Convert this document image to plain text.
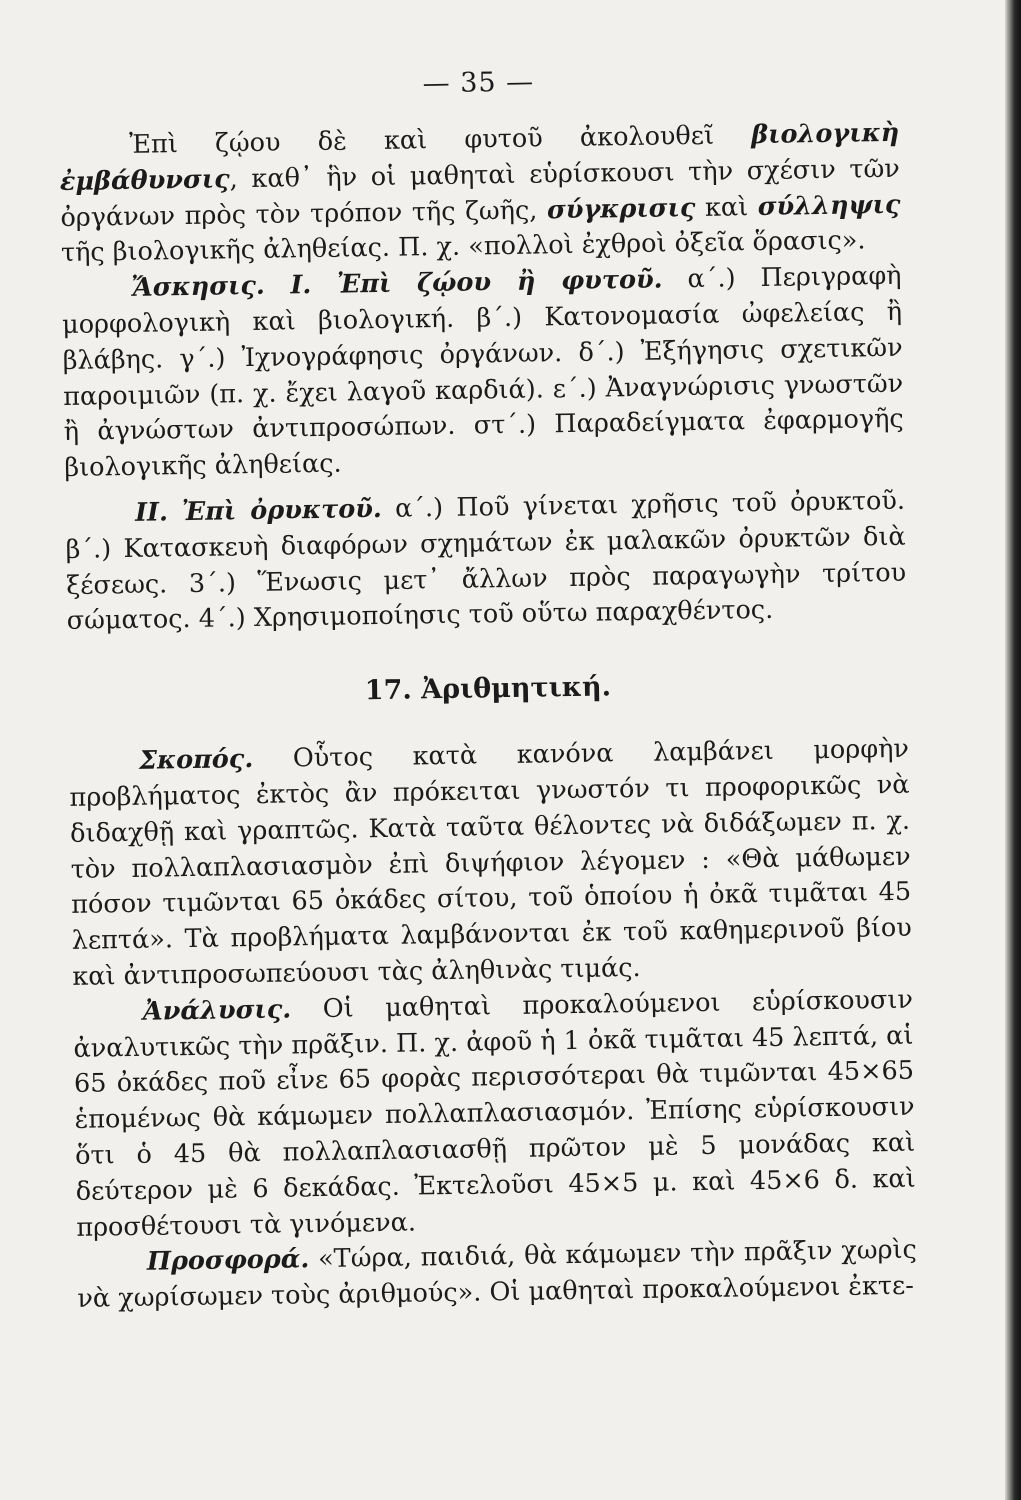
— 35 —

Ἐπὶ ζῴου δὲ καὶ φυτοῦ ἀκολουθεῖ βιολογικὴ ἐμβάθυνσις, καθ᾽ ἣν οἱ μαθηταὶ εὑρίσκουσι τὴν σχέσιν τῶν ὀργάνων πρὸς τὸν τρόπον τῆς ζωῆς, σύγκρισις καὶ σύλληψις τῆς βιολογικῆς ἀληθείας. Π. χ. «πολλοὶ ἐχθροὶ ὀξεῖα ὅρασις».

Ἄσκησις. I. Ἐπὶ ζῴου ἢ φυτοῦ. α΄.) Περιγραφὴ μορφολογικὴ καὶ βιολογική. β΄.) Κατονομασία ὠφελείας ἢ βλάβης. γ΄.) Ἰχνογράφησις ὀργάνων. δ΄.) Ἐξήγησις σχετικῶν παροιμιῶν (π. χ. ἔχει λαγοῦ καρδιά). ε΄.) Ἀναγνώρισις γνωστῶν ἢ ἀγνώστων ἀντιπροσώπων. στ΄.) Παραδείγματα ἐφαρμογῆς βιολογικῆς ἀληθείας.

II. Ἐπὶ ὀρυκτοῦ. α΄.) Ποῦ γίνεται χρῆσις τοῦ ὀρυκτοῦ. β΄.) Κατασκευὴ διαφόρων σχημάτων ἐκ μαλακῶν ὀρυκτῶν διὰ ξέσεως. 3΄.) Ἕνωσις μετ᾽ ἄλλων πρὸς παραγωγὴν τρίτου σώματος. 4΄.) Χρησιμοποίησις τοῦ οὕτω παραχθέντος.

17. Ἀριθμητική.

Σκοπός. Οὗτος κατὰ κανόνα λαμβάνει μορφὴν προβλήματος ἐκτὸς ἂν πρόκειται γνωστόν τι προφορικῶς νὰ διδαχθῇ καὶ γραπτῶς. Κατὰ ταῦτα θέλοντες νὰ διδάξωμεν π. χ. τὸν πολλαπλασιασμὸν ἐπὶ διψήφιον λέγομεν : «Θὰ μάθωμεν πόσον τιμῶνται 65 ὀκάδες σίτου, τοῦ ὁποίου ἡ ὀκᾶ τιμᾶται 45 λεπτά». Τὰ προβλήματα λαμβάνονται ἐκ τοῦ καθημερινοῦ βίου καὶ ἀντιπροσωπεύουσι τὰς ἀληθινὰς τιμάς.

Ἀνάλυσις. Οἱ μαθηταὶ προκαλούμενοι εὑρίσκουσιν ἀναλυτικῶς τὴν πρᾶξιν. Π. χ. ἀφοῦ ἡ 1 ὀκᾶ τιμᾶται 45 λεπτά, αἱ 65 ὀκάδες ποῦ εἶνε 65 φορὰς περισσότεραι θὰ τιμῶνται 45×65 ἑπομένως θὰ κάμωμεν πολλαπλασιασμόν. Ἐπίσης εὑρίσκουσιν ὅτι ὁ 45 θὰ πολλαπλασιασθῇ πρῶτον μὲ 5 μονάδας καὶ δεύτερον μὲ 6 δεκάδας. Ἐκτελοῦσι 45×5 μ. καὶ 45×6 δ. καὶ προσθέτουσι τὰ γινόμενα.

Προσφορά. «Τώρα, παιδιά, θὰ κάμωμεν τὴν πρᾶξιν χωρὶς νὰ χωρίσωμεν τοὺς ἀριθμούς». Οἱ μαθηταὶ προκαλούμενοι ἐκτε-
